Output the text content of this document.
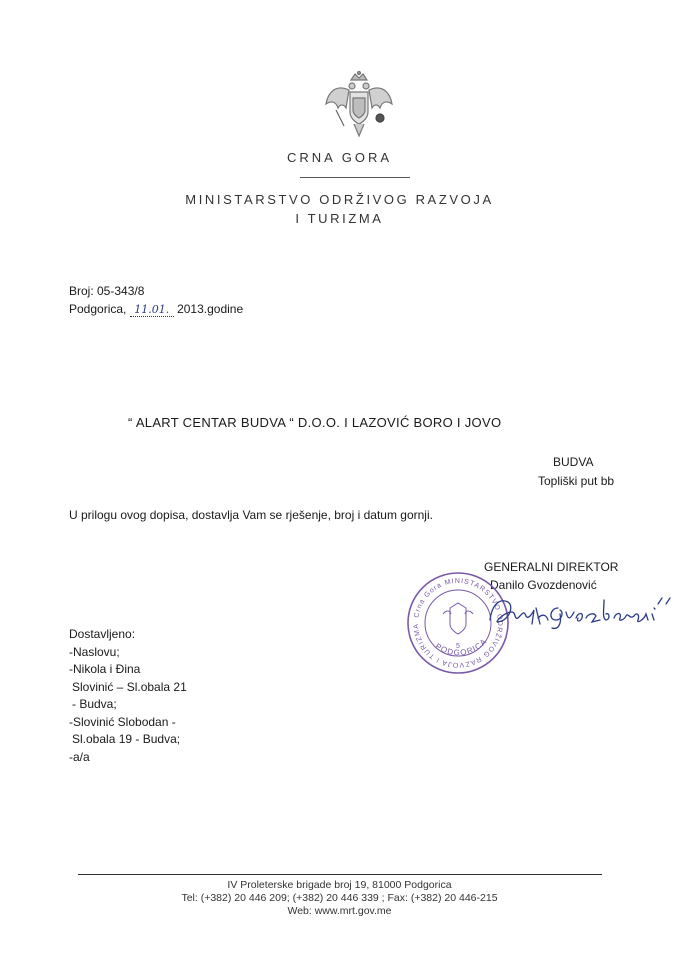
CRNA GORA
MINISTARSTVO ODRŽIVOG RAZVOJA
I TURIZMA
Broj: 05-343/8
Podgorica, 11.01. 2013.godine
“ ALART CENTAR BUDVA “ D.O.O. I LAZOVIĆ BORO I JOVO
BUDVA
Topliški put bb
U prilogu ovog dopisa, dostavlja Vam se rješenje, broj i datum gornji.
GENERALNI DIREKTOR
Danilo Gvozdenović
Crna Gora MINISTARSTVO ODRŽIVOG RAZVOJA I TURIZMA
PODGORICA
5
Dostavljeno:
-Naslovu;
-Nikola i Đina
Slovinić – Sl.obala 21
- Budva;
-Slovinić Slobodan -
Sl.obala 19 - Budva;
-a/a
IV Proleterske brigade broj 19, 81000 Podgorica
Tel: (+382) 20 446 209; (+382) 20 446 339 ; Fax: (+382) 20 446-215
Web: www.mrt.gov.me
